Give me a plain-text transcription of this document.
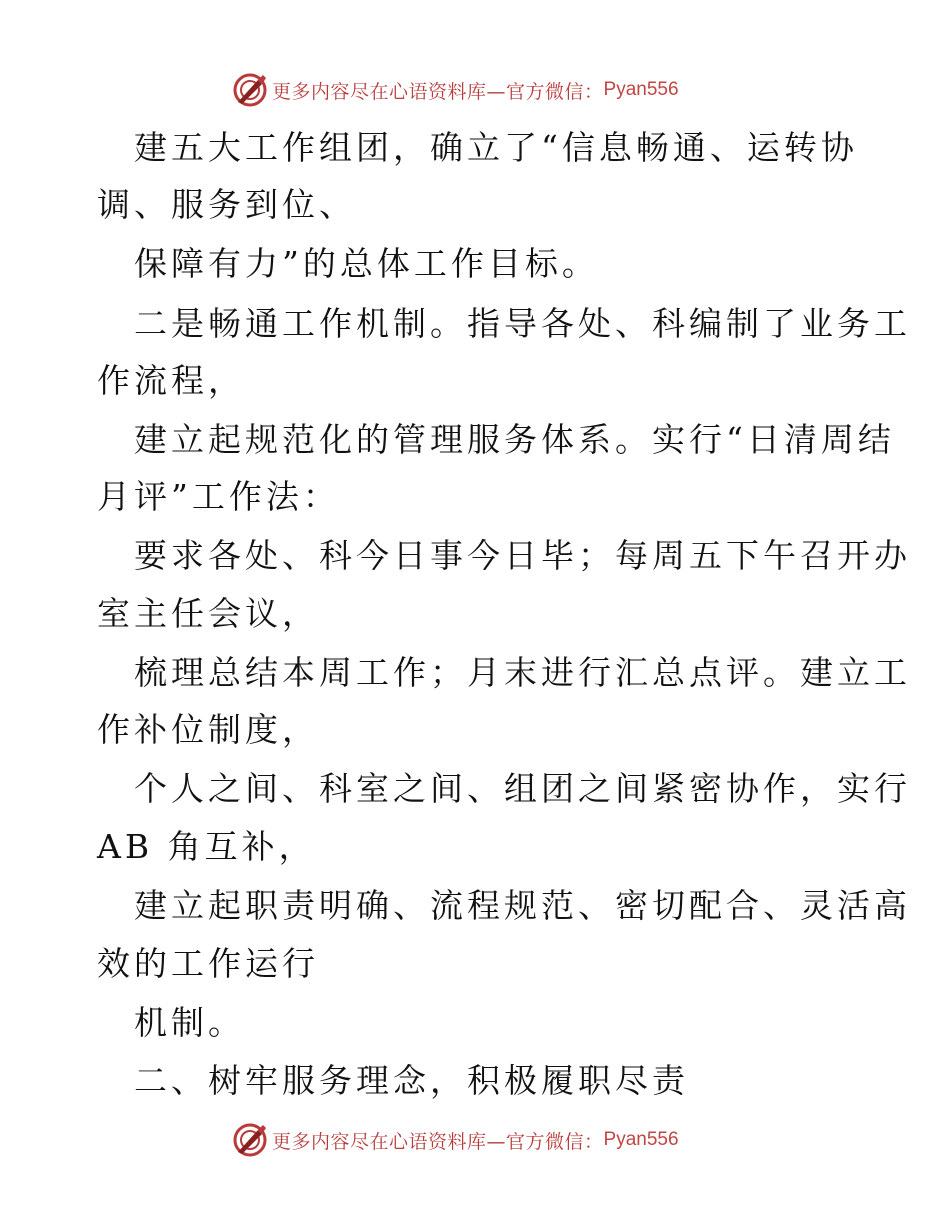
更多内容尽在心语资料库—官方微信： Pyan556
建五大工作组团，确立了“信息畅通、运转协
调、服务到位、
保障有力”的总体工作目标。
二是畅通工作机制。指导各处、科编制了业务工
作流程，
建立起规范化的管理服务体系。实行“日清周结
月评”工作法：
要求各处、科今日事今日毕；每周五下午召开办
室主任会议，
梳理总结本周工作；月末进行汇总点评。建立工
作补位制度，
个人之间、科室之间、组团之间紧密协作，实行
AB 角互补，
建立起职责明确、流程规范、密切配合、灵活高
效的工作运行
机制。
二、树牢服务理念，积极履职尽责
更多内容尽在心语资料库—官方微信： Pyan556
